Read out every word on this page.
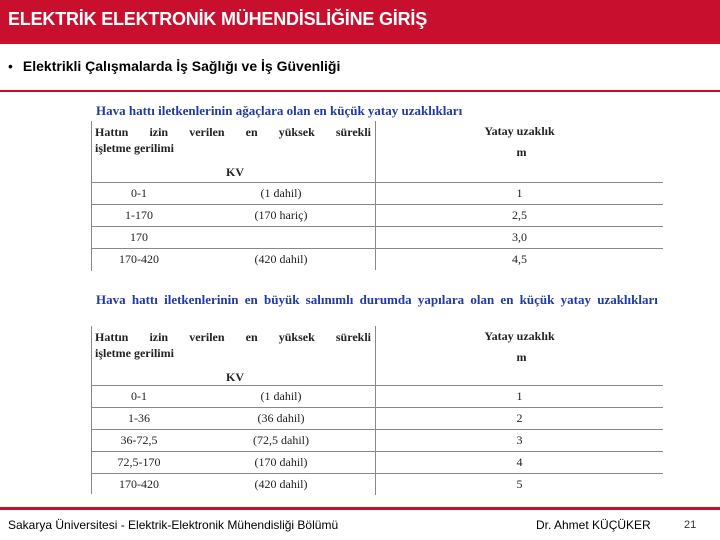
ELEKTRİK ELEKTRONİK MÜHENDİSLİĞİNE GİRİŞ
• Elektrikli Çalışmalarda İş Sağlığı ve İş Güvenliği
Hava hattı iletkenlerinin ağaçlara olan en küçük yatay uzaklıkları
Hattın izin verilen en yüksek sürekli
işletme gerilimi
KV		Yatay uzaklık
m

0-1	(1 dahil)	1
1-170	(170 hariç)	2,5
170		3,0
170-420	(420 dahil)	4,5
Hava hattı iletkenlerinin en büyük salınımlı durumda yapılara olan en küçük yatay uzaklıkları
Hattın izin verilen en yüksek sürekli
işletme gerilimi
KV		Yatay uzaklık
m

0-1	(1 dahil)	1
1-36	(36 dahil)	2
36-72,5	(72,5 dahil)	3
72,5-170	(170 dahil)	4
170-420	(420 dahil)	5
Sakarya Üniversitesi - Elektrik-Elektronik Mühendisliği Bölümü	Dr. Ahmet KÜÇÜKER	21
